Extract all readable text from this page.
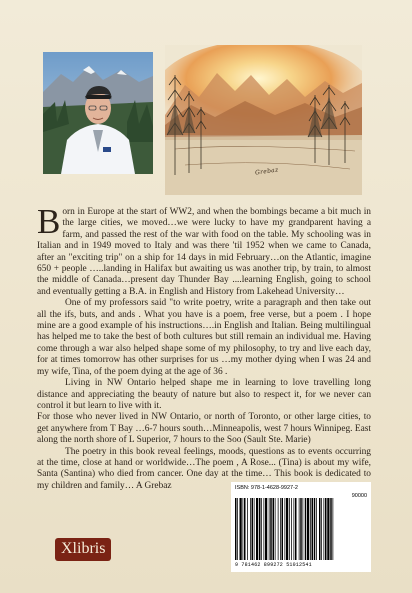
Grebaz

Born in Europe at the start of WW2, and when the bombings became a bit much in the large cities, we moved…we were lucky to have my grandparent having a farm, and passed the rest of the war with food on the table. My schooling was in Italian and in 1949 moved to Italy and was there 'til 1952 when we came to Canada, after an "exciting trip" on a ship for 14 days in mid February…on the Atlantic, imagine 650 + people …..landing in Halifax but awaiting us was another trip, by train, to almost the middle of Canada…present day Thunder Bay ....learning English, going to school and eventually getting a B.A. in English and History from Lakehead University…

One of my professors said "to write poetry, write a paragraph and then take out all the ifs, buts, and ands . What you have is a poem, free verse, but a poem . I hope mine are a good example of his instructions….in English and Italian. Being multilingual has helped me to take the best of both cultures but still remain an individual me. Having come through a war also helped shape some of my philosophy, to try and live each day, for at times tomorrow has other surprises for us …my mother dying when I was 24 and my wife, Tina, of the poem dying at the age of 36 .

Living in NW Ontario helped shape me in learning to love travelling long distance and appreciating the beauty of nature but also to respect it, for we never can control it but learn to live with it.

For those who never lived in NW Ontario, or north of Toronto, or other large cities, to get anywhere from T Bay …6-7 hours south…Minneapolis, west 7 hours Winnipeg. East along the north shore of L Superior, 7 hours to the Soo (Sault Ste. Marie)

The poetry in this book reveal feelings, moods, questions as to events occurring at the time, close at hand or worldwide…The poem , A Rose... (Tina) is about my wife, Santa (Santina) who died from cancer. One day at the time… This book is dedicated to my children and family… A Grebaz

Xlibris
ISBN: 978-1-4628-9927-2
90000
9 781462 899272 51012541
